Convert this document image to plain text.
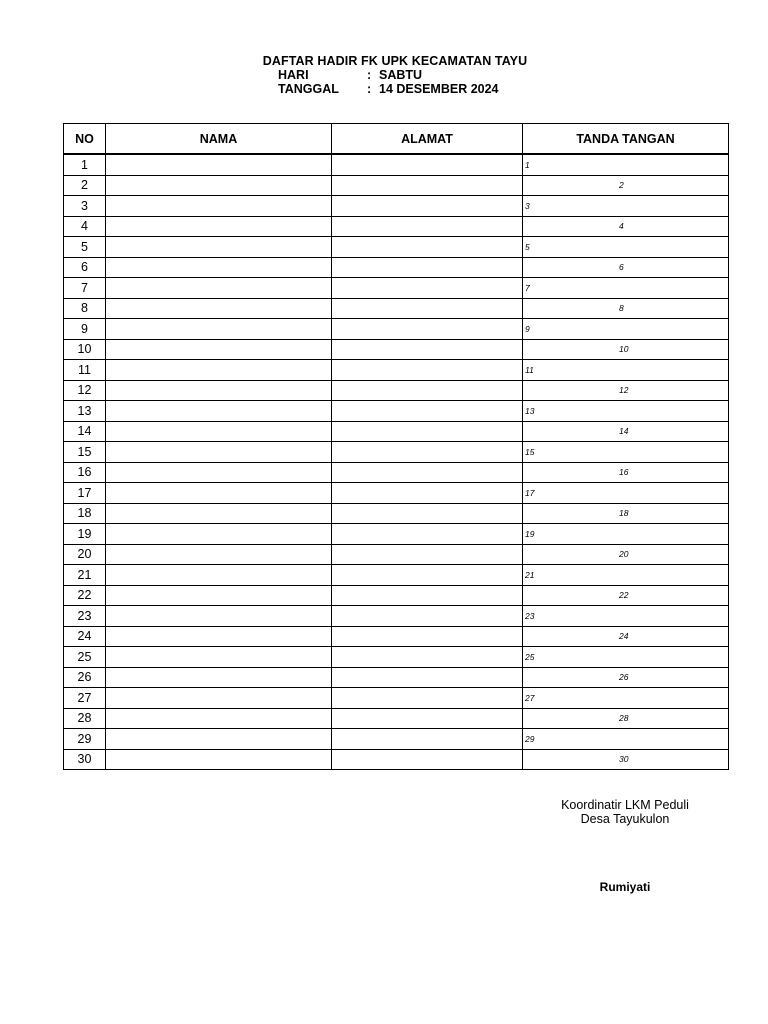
DAFTAR HADIR FK UPK KECAMATAN TAYU
HARI	: SABTU
TANGGAL : 14 DESEMBER 2024
NO	NAMA	ALAMAT	TANDA TANGAN
1			1

2			2

3			3

4			4

5			5

6			6

7			7

8			8

9			9

10			10

11			11

12			12

13			13

14			14

15			15

16			16

17			17

18			18

19			19

20			20

21			21

22			22

23			23

24			24

25			25

26			26

27			27

28			28

29			29

30			30
Koordinatir LKM Peduli
Desa Tayukulon
Rumiyati
